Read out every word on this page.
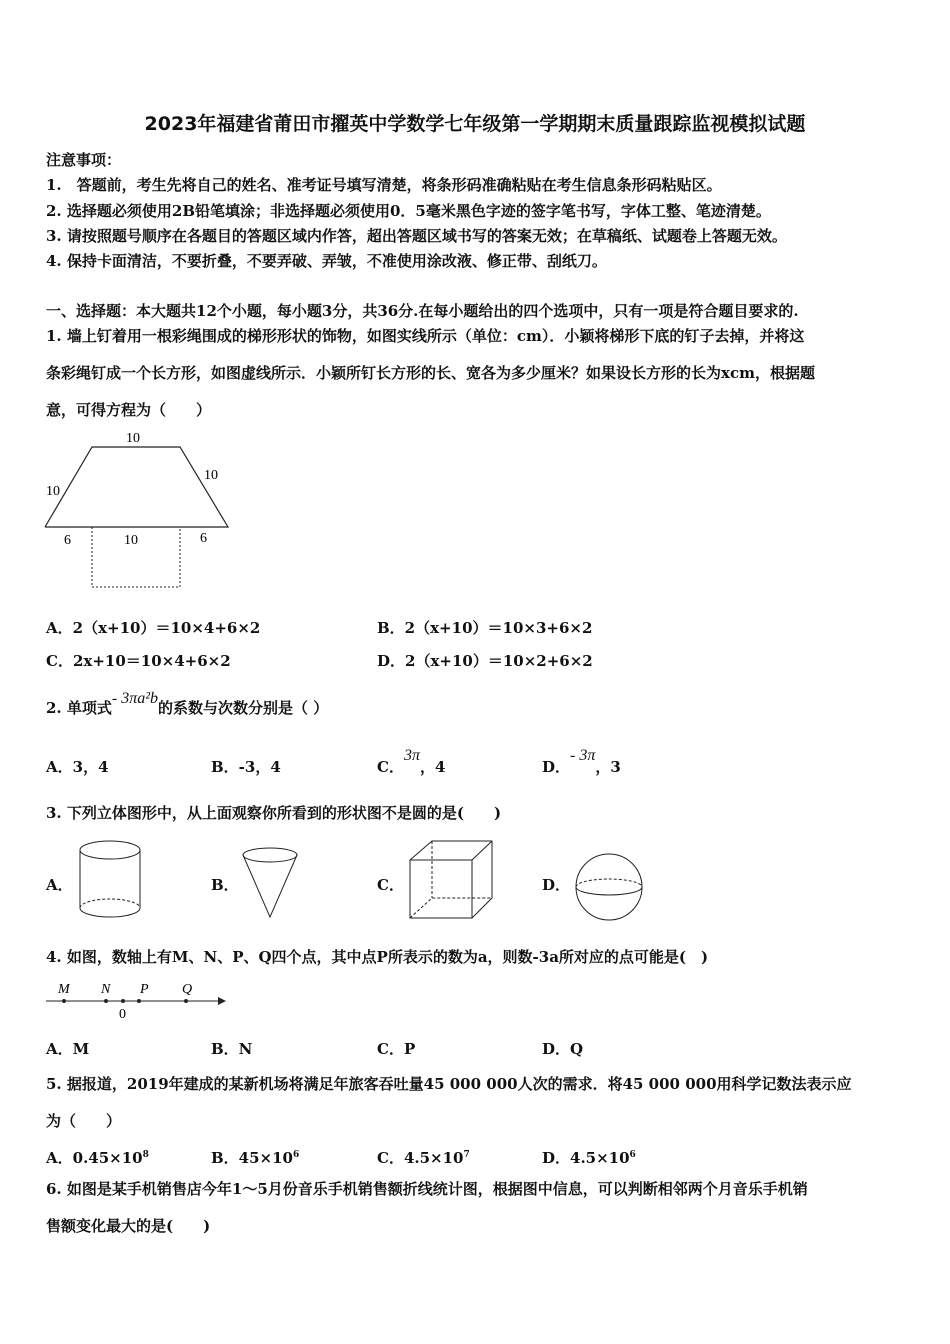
2023年福建省莆田市擢英中学数学七年级第一学期期末质量跟踪监视模拟试题
注意事项：
1.　答题前，考生先将自己的姓名、准考证号填写清楚，将条形码准确粘贴在考生信息条形码粘贴区。
2. 选择题必须使用2B铅笔填涂；非选择题必须使用0．5毫米黑色字迹的签字笔书写，字体工整、笔迹清楚。
3. 请按照题号顺序在各题目的答题区域内作答，超出答题区域书写的答案无效；在草稿纸、试题卷上答题无效。
4. 保持卡面清洁，不要折叠，不要弄破、弄皱，不准使用涂改液、修正带、刮纸刀。
一、选择题：本大题共12个小题，每小题3分，共36分.在每小题给出的四个选项中，只有一项是符合题目要求的.
1. 墙上钉着用一根彩绳围成的梯形形状的饰物，如图实线所示（单位：cm）．小颖将梯形下底的钉子去掉，并将这
条彩绳钉成一个长方形，如图虚线所示．小颖所钉长方形的长、宽各为多少厘米？如果设长方形的长为xcm，根据题
意，可得方程为（　　）
10
10
10
6	10	6
A．2（x+10）＝10×4+6×2	B．2（x+10）＝10×3+6×2
C．2x+10＝10×4+6×2	D．2（x+10）＝10×2+6×2
2. 单项式- 3πa²b的系数与次数分别是（ ）
A．3，4	B．-3，4	C．3π，4	D．- 3π，3
3. 下列立体图形中，从上面观察你所看到的形状图不是圆的是(　　)
A．	B．	C．	D．
4. 如图，数轴上有M、N、P、Q四个点，其中点P所表示的数为a，则数-3a所对应的点可能是(　)
M N P Q
0
A．M	B．N	C．P	D．Q
5. 据报道，2019年建成的某新机场将满足年旅客吞吐量45 000 000人次的需求．将45 000 000用科学记数法表示应
为（　　）
A．$0.45\times 10^8$	B．$45\times 10^6$	C．$4.5\times 10^7$	D．$4.5\times 10^6$
6. 如图是某手机销售店今年1～5月份音乐手机销售额折线统计图，根据图中信息，可以判断相邻两个月音乐手机销
售额变化最大的是(　　)
